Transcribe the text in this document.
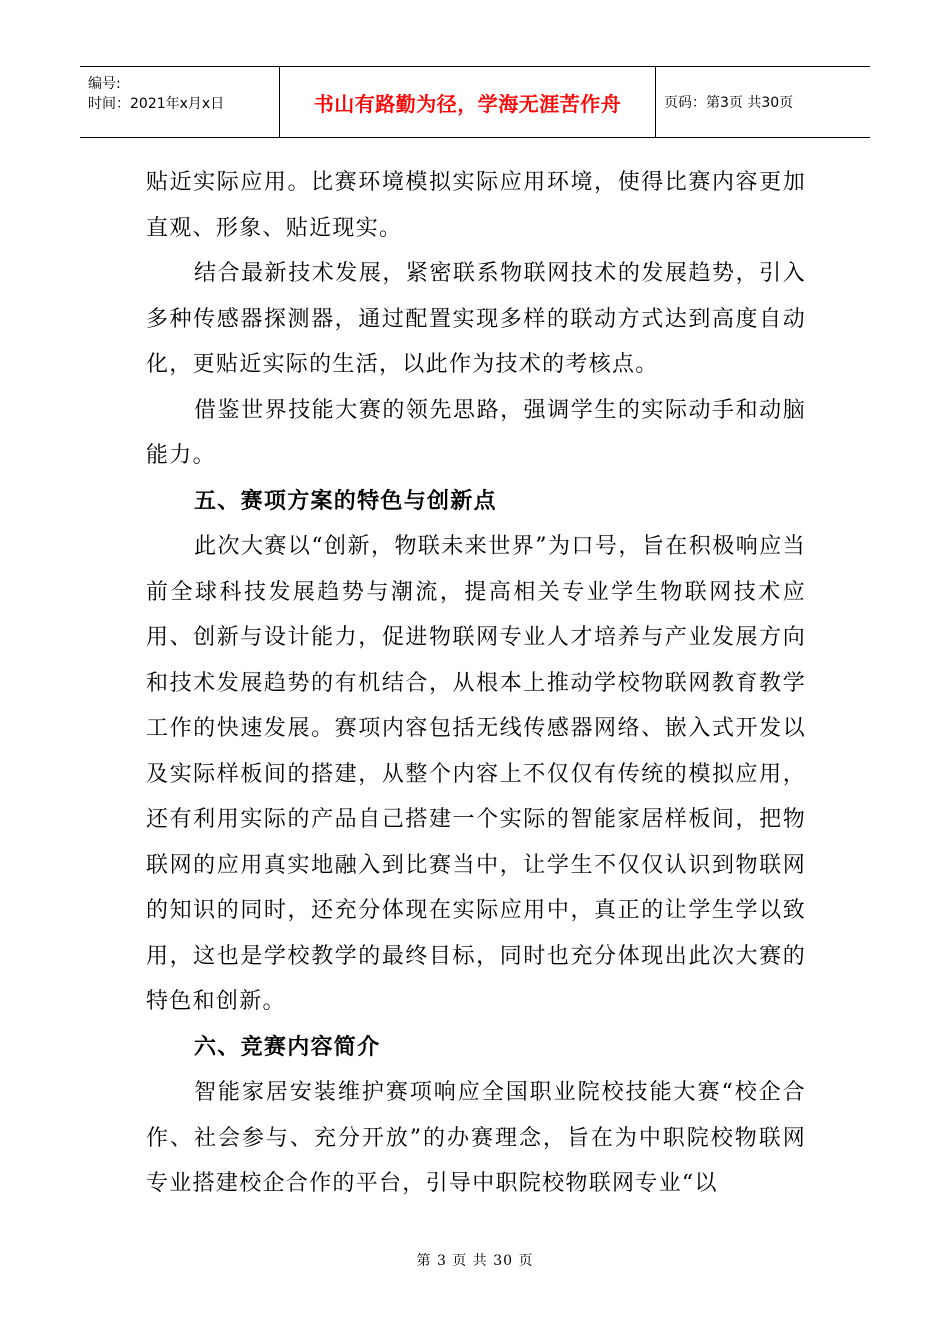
编号:
时间：2021年x月x日	书山有路勤为径，学海无涯苦作舟	页码：第3页 共30页

贴近实际应用。比赛环境模拟实际应用环境，使得比赛内容更加直观、形象、贴近现实。

结合最新技术发展，紧密联系物联网技术的发展趋势，引入多种传感器探测器，通过配置实现多样的联动方式达到高度自动化，更贴近实际的生活，以此作为技术的考核点。

借鉴世界技能大赛的领先思路，强调学生的实际动手和动脑能力。

五、赛项方案的特色与创新点

此次大赛以“创新，物联未来世界”为口号，旨在积极响应当前全球科技发展趋势与潮流，提高相关专业学生物联网技术应用、创新与设计能力，促进物联网专业人才培养与产业发展方向和技术发展趋势的有机结合，从根本上推动学校物联网教育教学工作的快速发展。赛项内容包括无线传感器网络、嵌入式开发以及实际样板间的搭建，从整个内容上不仅仅有传统的模拟应用，还有利用实际的产品自己搭建一个实际的智能家居样板间，把物联网的应用真实地融入到比赛当中，让学生不仅仅认识到物联网的知识的同时，还充分体现在实际应用中，真正的让学生学以致用，这也是学校教学的最终目标，同时也充分体现出此次大赛的特色和创新。

六、竞赛内容简介

智能家居安装维护赛项响应全国职业院校技能大赛“校企合作、社会参与、充分开放”的办赛理念，旨在为中职院校物联网专业搭建校企合作的平台，引导中职院校物联网专业“以

第 3 页 共 30 页
